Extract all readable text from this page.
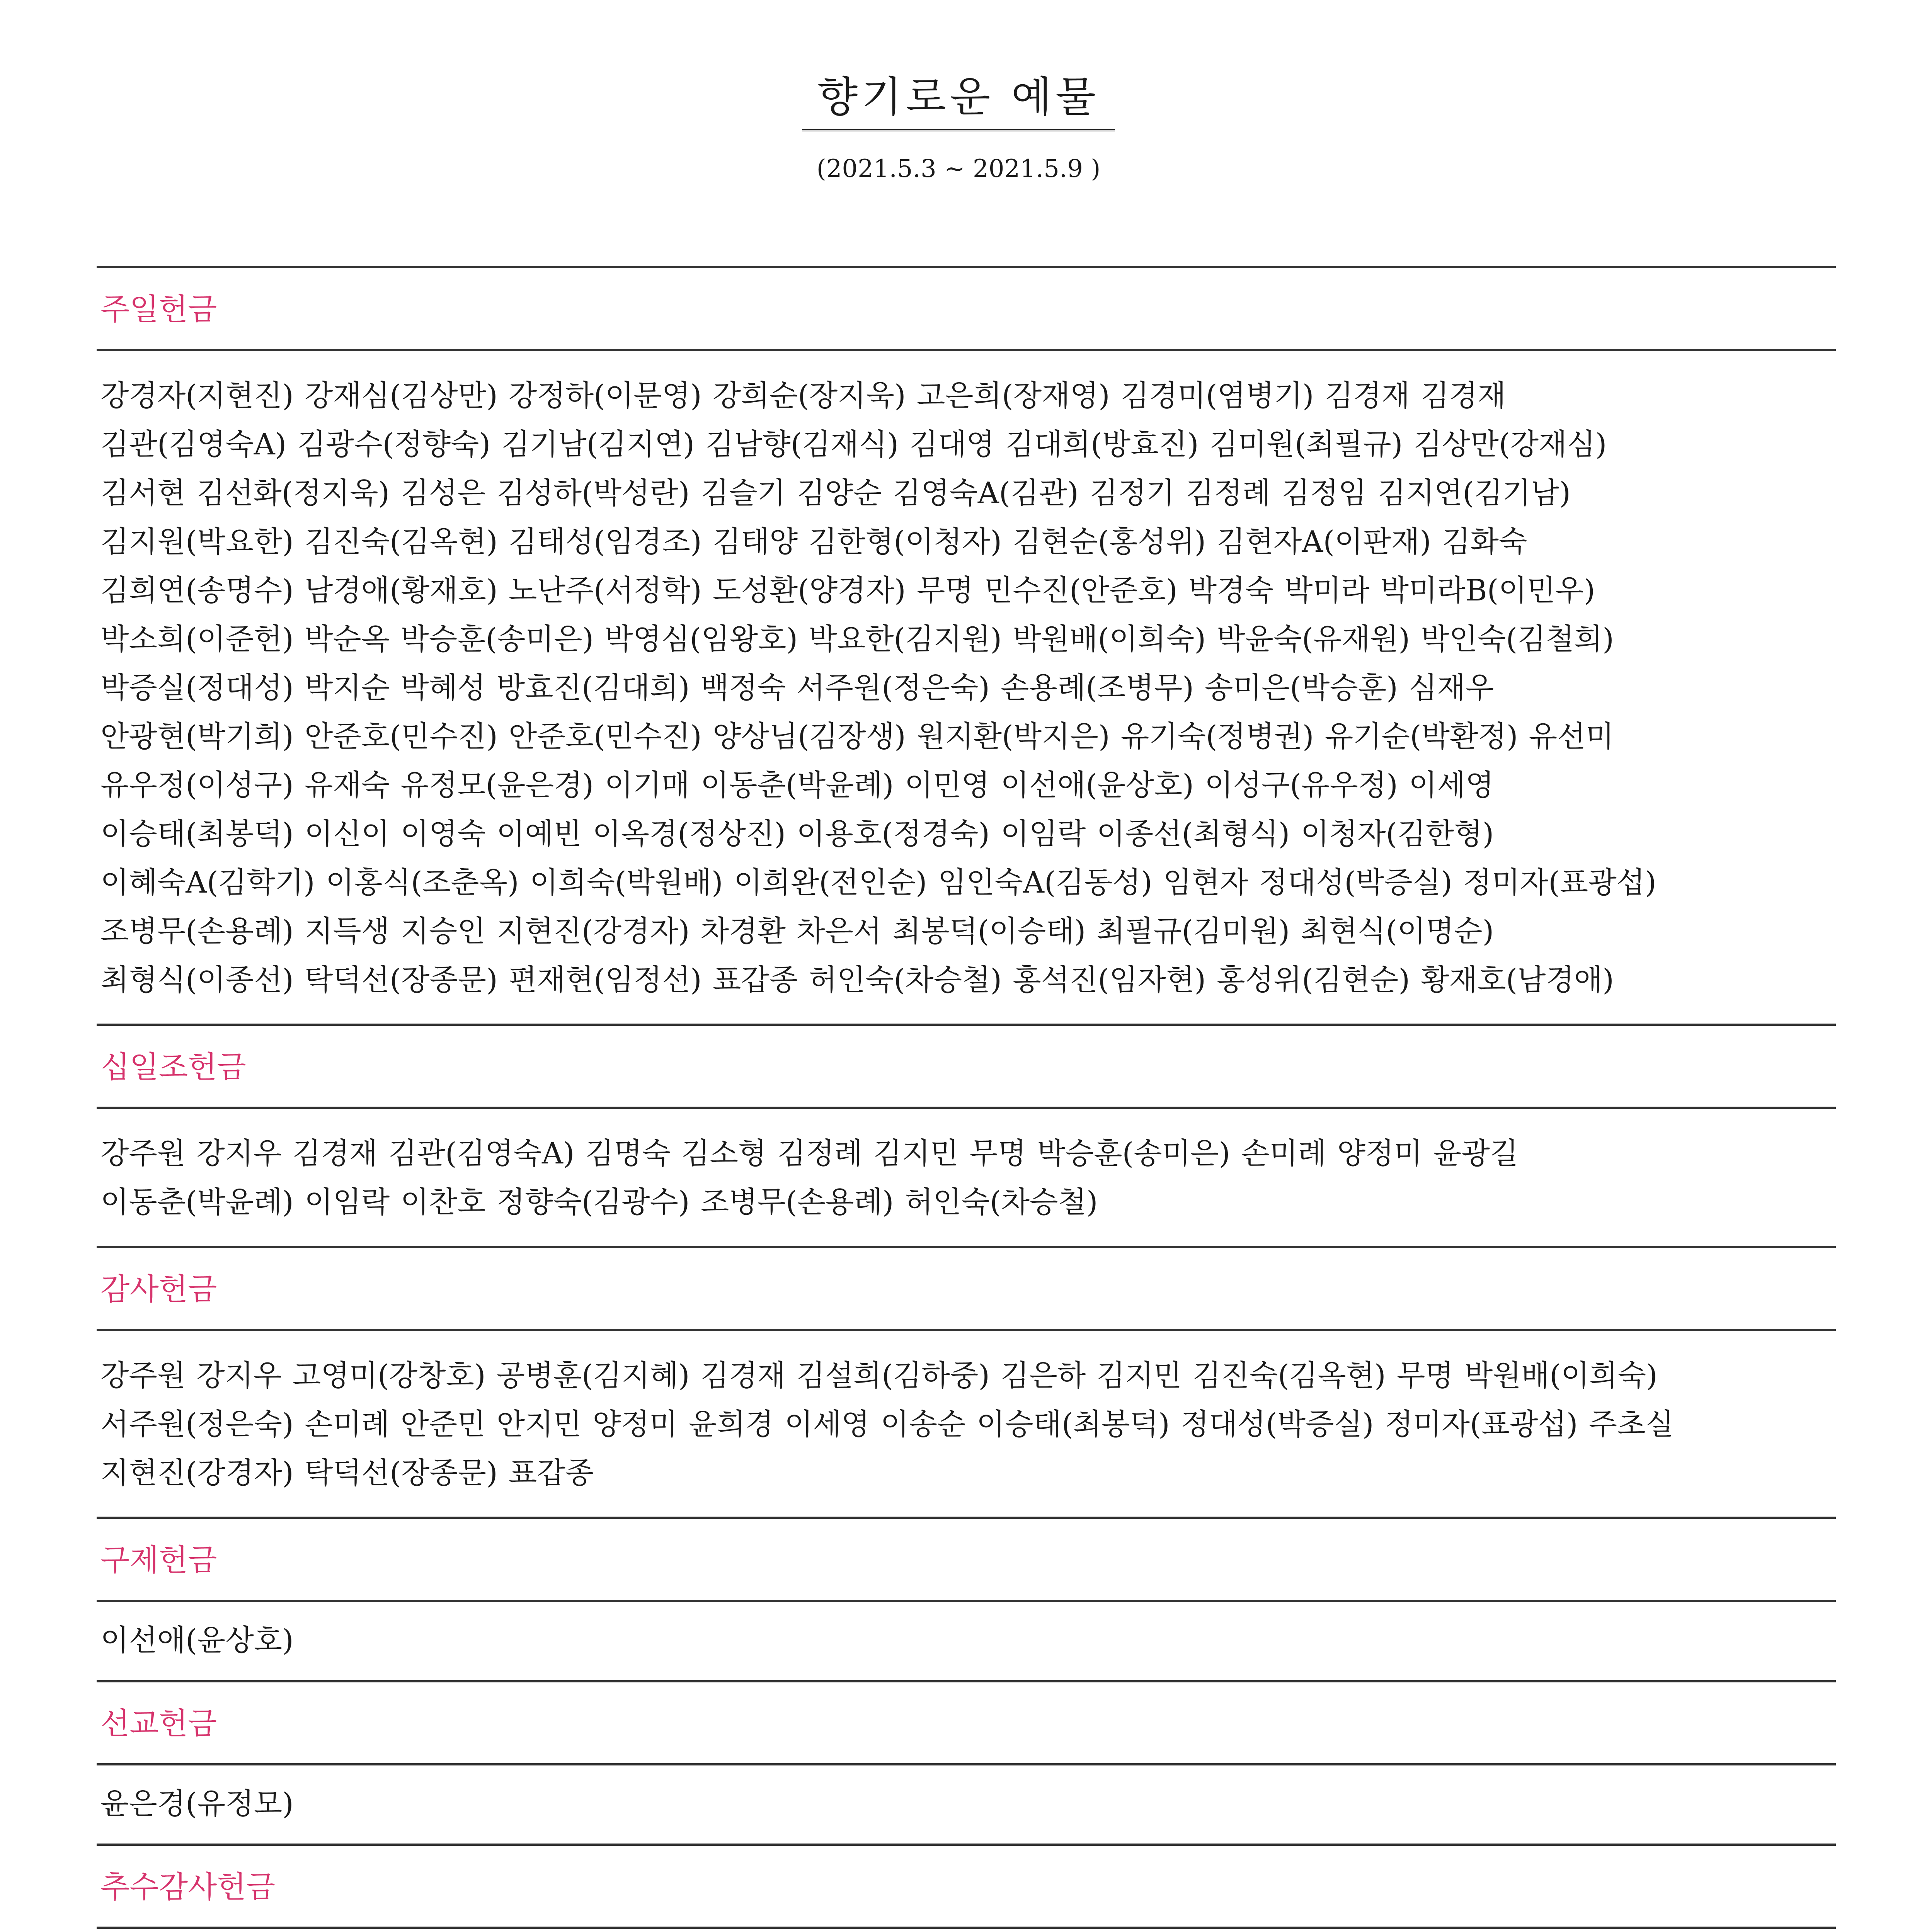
향기로운 예물
(2021.5.3 ~ 2021.5.9 )
주일헌금
강경자(지현진) 강재심(김상만) 강정하(이문영) 강희순(장지욱) 고은희(장재영) 김경미(염병기) 김경재 김경재
김관(김영숙A) 김광수(정향숙) 김기남(김지연) 김남향(김재식) 김대영 김대희(방효진) 김미원(최필규) 김상만(강재심)
김서현 김선화(정지욱) 김성은 김성하(박성란) 김슬기 김양순 김영숙A(김관) 김정기 김정례 김정임 김지연(김기남)
김지원(박요한) 김진숙(김옥현) 김태성(임경조) 김태양 김한형(이청자) 김현순(홍성위) 김현자A(이판재) 김화숙
김희연(송명수) 남경애(황재호) 노난주(서정학) 도성환(양경자) 무명 민수진(안준호) 박경숙 박미라 박미라B(이민우)
박소희(이준헌) 박순옥 박승훈(송미은) 박영심(임왕호) 박요한(김지원) 박원배(이희숙) 박윤숙(유재원) 박인숙(김철희)
박증실(정대성) 박지순 박혜성 방효진(김대희) 백정숙 서주원(정은숙) 손용례(조병무) 송미은(박승훈) 심재우
안광현(박기희) 안준호(민수진) 안준호(민수진) 양상님(김장생) 원지환(박지은) 유기숙(정병권) 유기순(박환정) 유선미
유우정(이성구) 유재숙 유정모(윤은경) 이기매 이동춘(박윤례) 이민영 이선애(윤상호) 이성구(유우정) 이세영
이승태(최봉덕) 이신이 이영숙 이예빈 이옥경(정상진) 이용호(정경숙) 이임락 이종선(최형식) 이청자(김한형)
이혜숙A(김학기) 이홍식(조춘옥) 이희숙(박원배) 이희완(전인순) 임인숙A(김동성) 임현자 정대성(박증실) 정미자(표광섭)
조병무(손용례) 지득생 지승인 지현진(강경자) 차경환 차은서 최봉덕(이승태) 최필규(김미원) 최현식(이명순)
최형식(이종선) 탁덕선(장종문) 편재현(임정선) 표갑종 허인숙(차승철) 홍석진(임자현) 홍성위(김현순) 황재호(남경애)
십일조헌금
강주원 강지우 김경재 김관(김영숙A) 김명숙 김소형 김정례 김지민 무명 박승훈(송미은) 손미례 양정미 윤광길
이동춘(박윤례) 이임락 이찬호 정향숙(김광수) 조병무(손용례) 허인숙(차승철)
감사헌금
강주원 강지우 고영미(강창호) 공병훈(김지혜) 김경재 김설희(김하중) 김은하 김지민 김진숙(김옥현) 무명 박원배(이희숙)
서주원(정은숙) 손미례 안준민 안지민 양정미 윤희경 이세영 이송순 이승태(최봉덕) 정대성(박증실) 정미자(표광섭) 주초실
지현진(강경자) 탁덕선(장종문) 표갑종
구제헌금
이선애(윤상호)
선교헌금
윤은경(유정모)
추수감사헌금
